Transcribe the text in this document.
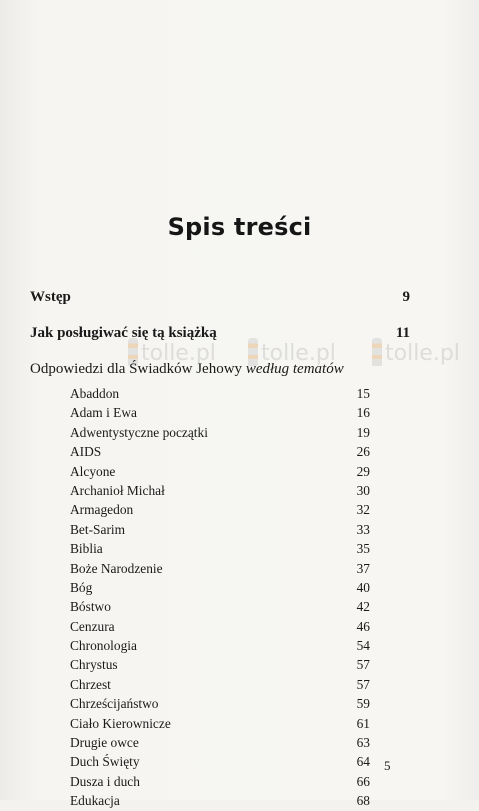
tolle.pl	tolle.pl	tolle.pl
Spis treści
Wstęp	9
Jak posługiwać się tą książką	11
Odpowiedzi dla Świadków Jehowy według tematów
Abaddon	15
Adam i Ewa	16
Adwentystyczne początki	19
AIDS	26
Alcyone	29
Archanioł Michał	30
Armagedon	32
Bet-Sarim	33
Biblia	35
Boże Narodzenie	37
Bóg	40
Bóstwo	42
Cenzura	46
Chronologia	54
Chrystus	57
Chrzest	57
Chrześcijaństwo	59
Ciało Kierownicze	61
Drugie owce	63
Duch Święty	64
Dusza i duch	66
Edukacja	68
5
